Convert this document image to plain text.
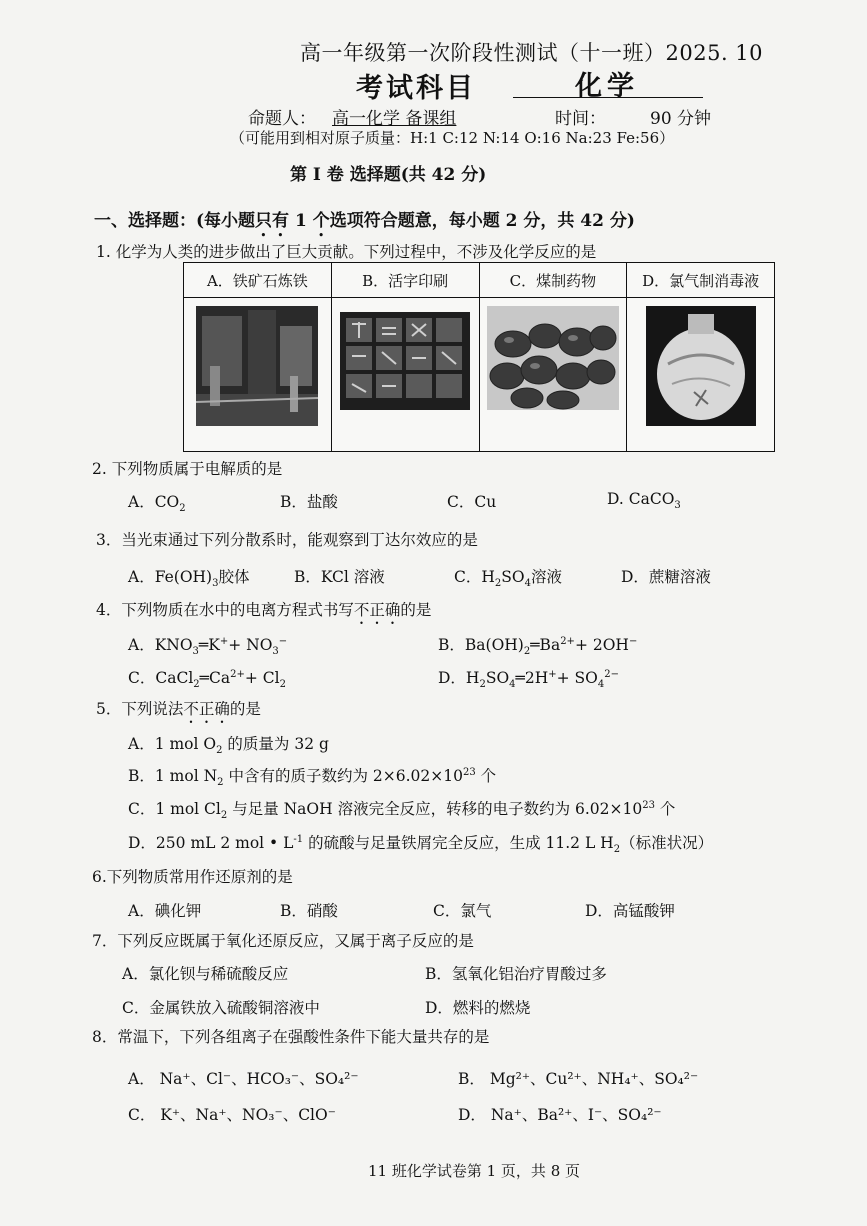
高一年级第一次阶段性测试（十一班）2025. 10
考试科目	化学
命题人： 高一化学 备课组	时间：	90 分钟
（可能用到相对原子质量：H:1 C:12 N:14 O:16 Na:23 Fe:56）
第 I 卷 选择题(共 42 分)
一、选择题：(每小题只有 1 个选项符合题意，每小题 2 分，共 42 分)
1. 化学为人类的进步做出了巨大贡献。下列过程中，不涉及化学反应的是
A．铁矿石炼铁	B．活字印刷	C．煤制药物	D．氯气制消毒液
2. 下列物质属于电解质的是
A．$CO_2$	B．盐酸	C．Cu	D. CaCO$_3$
3．当光束通过下列分散系时，能观察到丁达尔效应的是
A．$Fe(OH)_3$胶体	B．KCl 溶液	C．$H_2SO_4$溶液	D．蔗糖溶液
4．下列物质在水中的电离方程式书写不正确的是
A．$KNO_3═K^++ NO_3^-$	B．$Ba(OH)_2═Ba^{2+}+ 2OH^-$
C．$CaCl_2═Ca^{2+}+ Cl_2$	D．$H_2SO_4═2H^++ SO_4^{2-}$
5．下列说法不正确的是
A．1 mol $O_2$ 的质量为 32 g
B．1 mol $N_2$ 中含有的质子数约为 $2\times 6.02\times 10^{23}$ 个
C．1 mol $Cl_2$ 与足量 NaOH 溶液完全反应，转移的电子数约为 $6.02\times 10^{23}$ 个
D．250 mL 2 mol • $L^{-1}$ 的硫酸与足量铁屑完全反应，生成 11.2 L $H_2$（标准状况）
6.下列物质常用作还原剂的是
A．碘化钾	B．硝酸	C．氯气	D．高锰酸钾
7．下列反应既属于氧化还原反应，又属于离子反应的是
A．氯化钡与稀硫酸反应	B．氢氧化铝治疗胃酸过多
C．金属铁放入硫酸铜溶液中	D．燃料的燃烧
8．常温下，下列各组离子在强酸性条件下能大量共存的是
A． Na⁺、Cl⁻、HCO₃⁻、SO₄²⁻	B． Mg²⁺、Cu²⁺、NH₄⁺、SO₄²⁻
C． K⁺、Na⁺、NO₃⁻、ClO⁻	D． Na⁺、Ba²⁺、I⁻、SO₄²⁻
11 班化学试卷第 1 页，共 8 页
